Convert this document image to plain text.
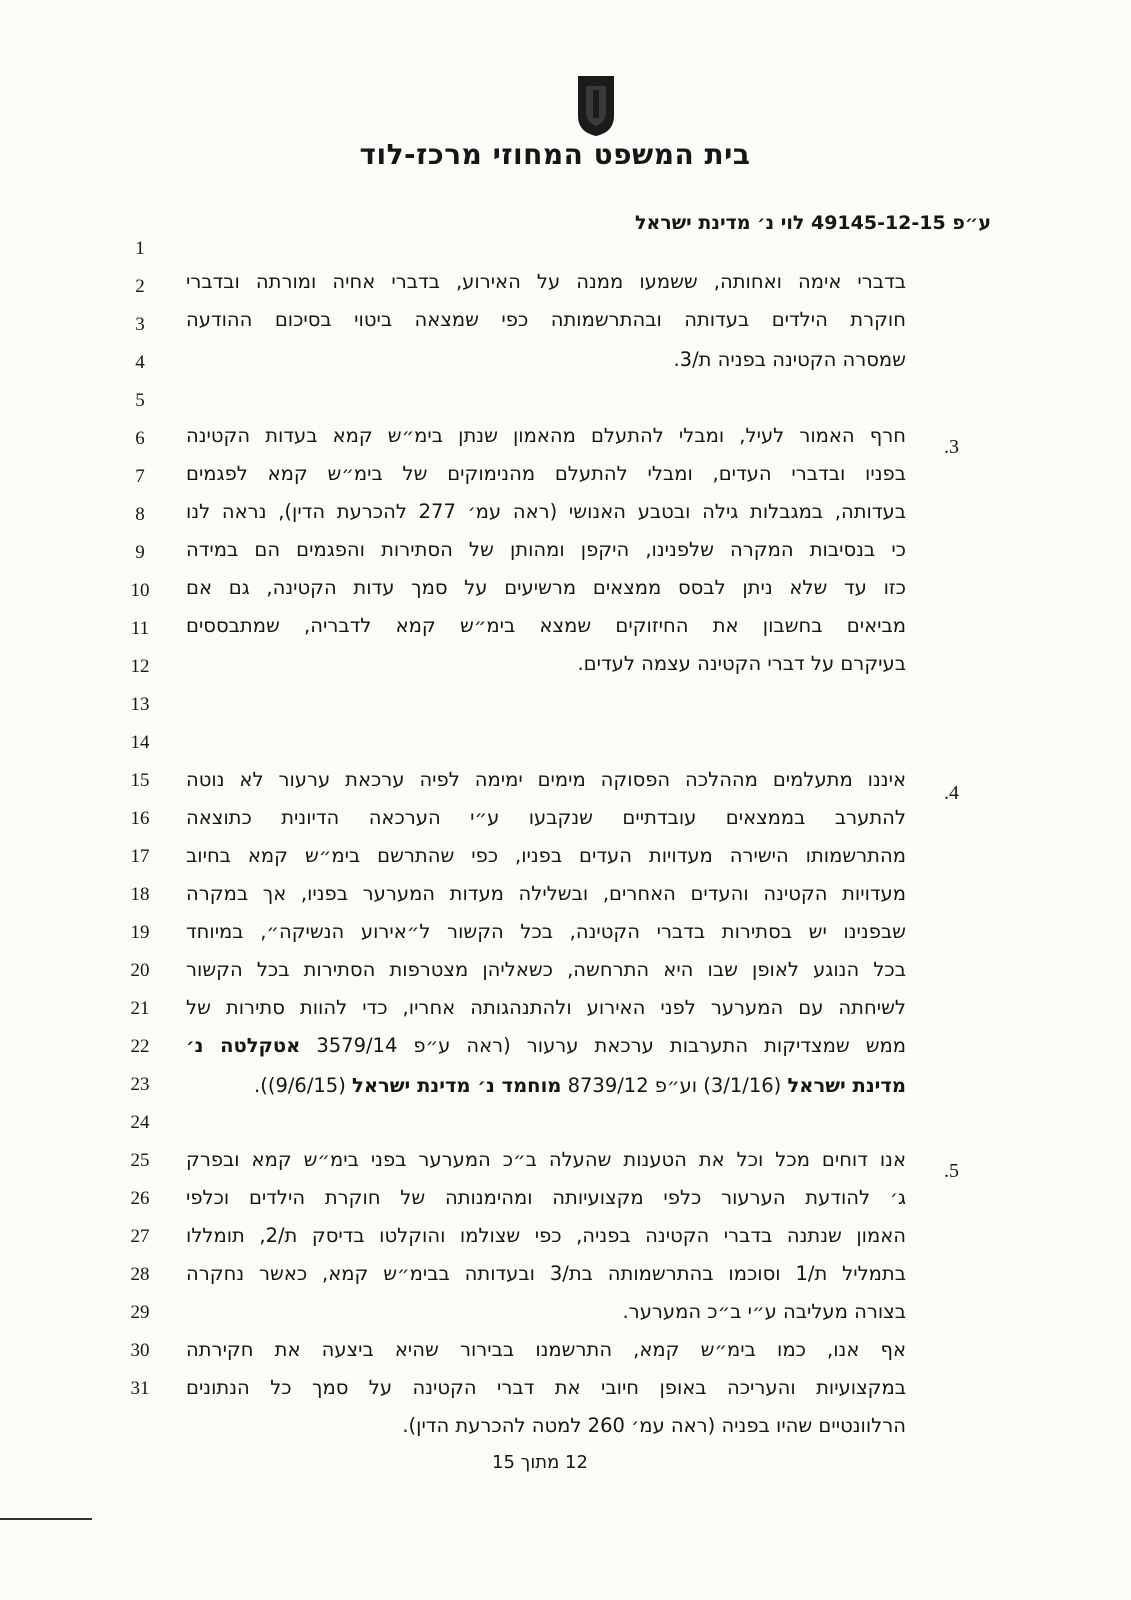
בית המשפט המחוזי מרכז-לוד
ע״פ 49145-12-15 לוי נ׳ מדינת ישראל
1
2
3
4
5
6
7
8
9
10
11
12
13
14
15
16
17
18
19
20
21
22
23
24
25
26
27
28
29
30
31
.3
.4
.5
בדברי אימה ואחותה, ששמעו ממנה על האירוע, בדברי אחיה ומורתה ובדברי
חוקרת הילדים בעדותה ובהתרשמותה כפי שמצאה ביטוי בסיכום ההודעה
שמסרה הקטינה בפניה ת/3.
חרף האמור לעיל, ומבלי להתעלם מהאמון שנתן בימ״ש קמא בעדות הקטינה
בפניו ובדברי העדים, ומבלי להתעלם מהנימוקים של בימ״ש קמא לפגמים
בעדותה, במגבלות גילה ובטבע האנושי (ראה עמ׳ 277 להכרעת הדין), נראה לנו
כי בנסיבות המקרה שלפנינו, היקפן ומהותן של הסתירות והפגמים הם במידה
כזו עד שלא ניתן לבסס ממצאים מרשיעים על סמך עדות הקטינה, גם אם
מביאים בחשבון את החיזוקים שמצא בימ״ש קמא לדבריה, שמתבססים
בעיקרם על דברי הקטינה עצמה לעדים.
איננו מתעלמים מההלכה הפסוקה מימים ימימה לפיה ערכאת ערעור לא נוטה
להתערב בממצאים עובדתיים שנקבעו ע״י הערכאה הדיונית כתוצאה
מהתרשמותו הישירה מעדויות העדים בפניו, כפי שהתרשם בימ״ש קמא בחיוב
מעדויות הקטינה והעדים האחרים, ובשלילה מעדות המערער בפניו, אך במקרה
שבפנינו יש בסתירות בדברי הקטינה, בכל הקשור ל״אירוע הנשיקה״, במיוחד
בכל הנוגע לאופן שבו היא התרחשה, כשאליהן מצטרפות הסתירות בכל הקשור
לשיחתה עם המערער לפני האירוע ולהתנהגותה אחריו, כדי להוות סתירות של
ממש שמצדיקות התערבות ערכאת ערעור (ראה ע״פ 3579/14 אטקלטה נ׳
מדינת ישראל (3/1/16) וע״פ 8739/12 מוחמד נ׳ מדינת ישראל (9/6/15)).
אנו דוחים מכל וכל את הטענות שהעלה ב״כ המערער בפני בימ״ש קמא ובפרק
ג׳ להודעת הערעור כלפי מקצועיותה ומהימנותה של חוקרת הילדים וכלפי
האמון שנתנה בדברי הקטינה בפניה, כפי שצולמו והוקלטו בדיסק ת/2, תומללו
בתמליל ת/1 וסוכמו בהתרשמותה בת/3 ובעדותה בבימ״ש קמא, כאשר נחקרה
בצורה מעליבה ע״י ב״כ המערער.
אף אנו, כמו בימ״ש קמא, התרשמנו בבירור שהיא ביצעה את חקירתה
במקצועיות והעריכה באופן חיובי את דברי הקטינה על סמך כל הנתונים
הרלוונטיים שהיו בפניה (ראה עמ׳ 260 למטה להכרעת הדין).
12 מתוך 15
